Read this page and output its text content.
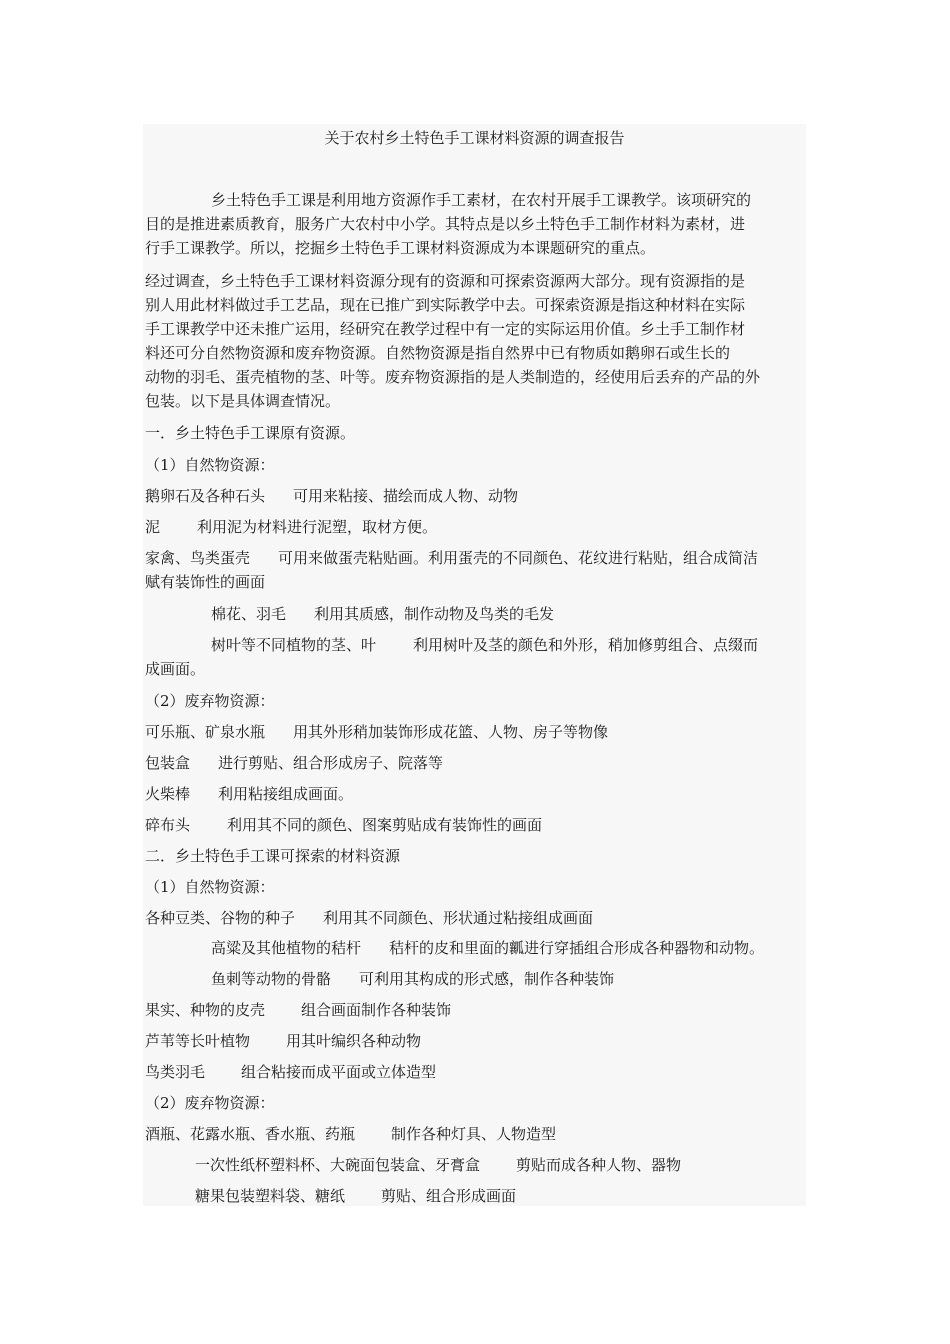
关于农村乡土特色手工课材料资源的调查报告
乡土特色手工课是利用地方资源作手工素材，在农村开展手工课教学。该项研究的
目的是推进素质教育，服务广大农村中小学。其特点是以乡土特色手工制作材料为素材，进
行手工课教学。所以，挖掘乡土特色手工课材料资源成为本课题研究的重点。
经过调查，乡土特色手工课材料资源分现有的资源和可探索资源两大部分。现有资源指的是
别人用此材料做过手工艺品，现在已推广到实际教学中去。可探索资源是指这种材料在实际
手工课教学中还未推广运用，经研究在教学过程中有一定的实际运用价值。乡土手工制作材
料还可分自然物资源和废弃物资源。自然物资源是指自然界中已有物质如鹅卵石或生长的
动物的羽毛、蛋壳植物的茎、叶等。废弃物资源指的是人类制造的，经使用后丢弃的产品的外
包装。以下是具体调查情况。
一．乡土特色手工课原有资源。
（1）自然物资源：
鹅卵石及各种石头 可用来粘接、描绘而成人物、动物
泥 利用泥为材料进行泥塑，取材方便。
家禽、鸟类蛋壳 可用来做蛋壳粘贴画。利用蛋壳的不同颜色、花纹进行粘贴，组合成简洁
赋有装饰性的画面
棉花、羽毛 利用其质感，制作动物及鸟类的毛发
树叶等不同植物的茎、叶 利用树叶及茎的颜色和外形，稍加修剪组合、点缀而
成画面。
（2）废弃物资源：
可乐瓶、矿泉水瓶 用其外形稍加装饰形成花篮、人物、房子等物像
包装盒 进行剪贴、组合形成房子、院落等
火柴棒 利用粘接组成画面。
碎布头 利用其不同的颜色、图案剪贴成有装饰性的画面
二．乡土特色手工课可探索的材料资源
（1）自然物资源：
各种豆类、谷物的种子 利用其不同颜色、形状通过粘接组成画面
高粱及其他植物的秸杆 秸杆的皮和里面的瓤进行穿插组合形成各种器物和动物。
鱼刺等动物的骨骼 可利用其构成的形式感，制作各种装饰
果实、种物的皮壳 组合画面制作各种装饰
芦苇等长叶植物 用其叶编织各种动物
鸟类羽毛 组合粘接而成平面或立体造型
（2）废弃物资源：
酒瓶、花露水瓶、香水瓶、药瓶 制作各种灯具、人物造型
一次性纸杯塑料杯、大碗面包装盒、牙膏盒 剪贴而成各种人物、器物
糖果包装塑料袋、糖纸 剪贴、组合形成画面
